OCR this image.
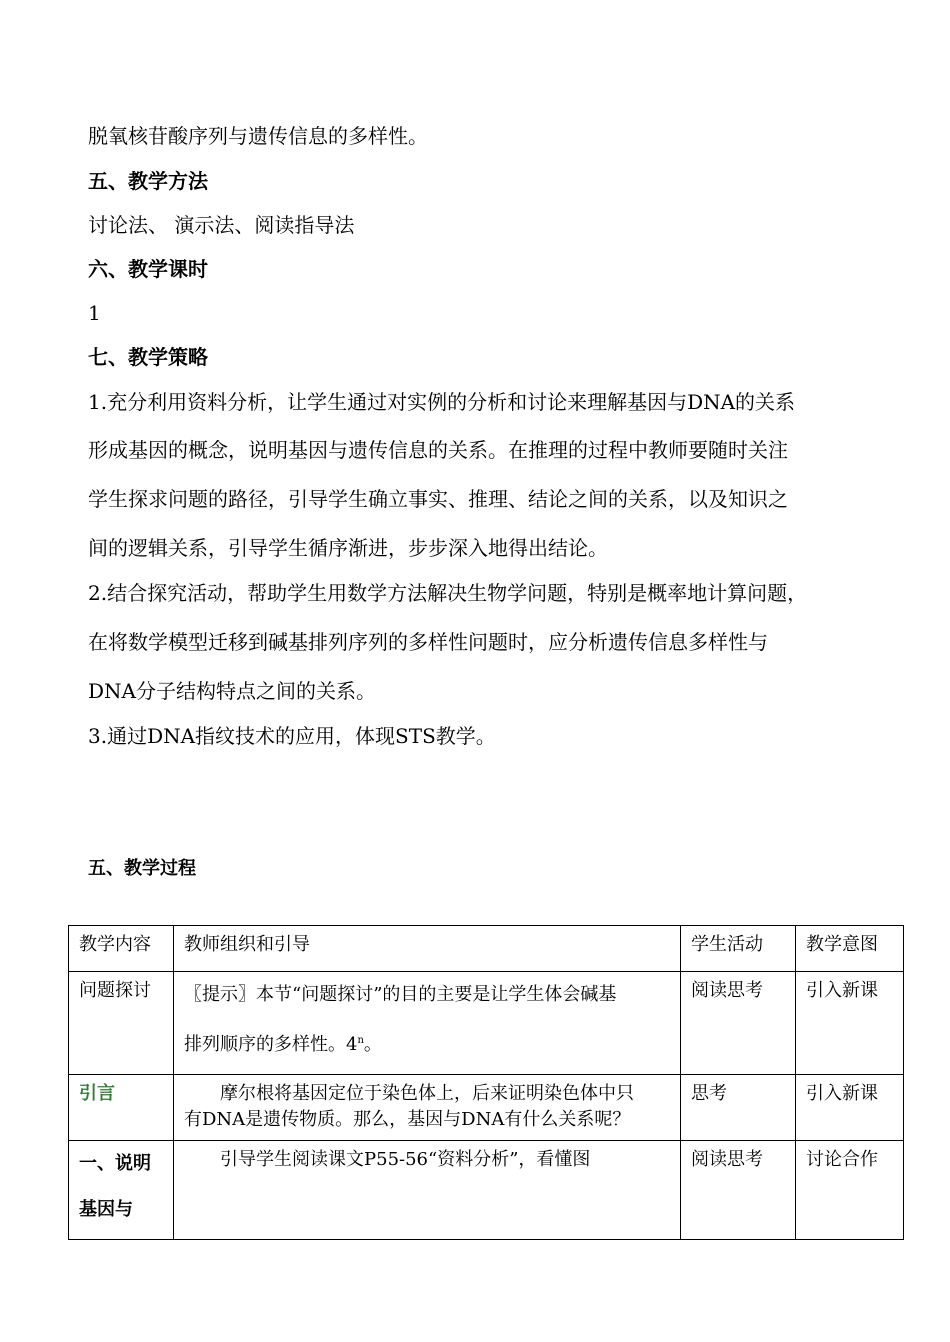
脱氧核苷酸序列与遗传信息的多样性。
五、教学方法
讨论法、 演示法、阅读指导法
六、教学课时
1
七、教学策略
1.充分利用资料分析，让学生通过对实例的分析和讨论来理解基因与DNA的关系
形成基因的概念，说明基因与遗传信息的关系。在推理的过程中教师要随时关注
学生探求问题的路径，引导学生确立事实、推理、结论之间的关系，以及知识之
间的逻辑关系，引导学生循序渐进，步步深入地得出结论。
2.结合探究活动，帮助学生用数学方法解决生物学问题，特别是概率地计算问题，
在将数学模型迁移到碱基排列序列的多样性问题时，应分析遗传信息多样性与
DNA分子结构特点之间的关系。
3.通过DNA指纹技术的应用，体现STS教学。
五、教学过程
教学内容	教师组织和引导	学生活动	教学意图
问题探讨	〖提示〗本节“问题探讨”的目的主要是让学生体会碱基
排列顺序的多样性。4$^n$。	阅读思考	引入新课
引言	摩尔根将基因定位于染色体上，后来证明染色体中只
有DNA是遗传物质。那么，基因与DNA有什么关系呢？	思考	引入新课

一、说明
基因与	引导学生阅读课文P55-56“资料分析”，看懂图	阅读思考	讨论合作
